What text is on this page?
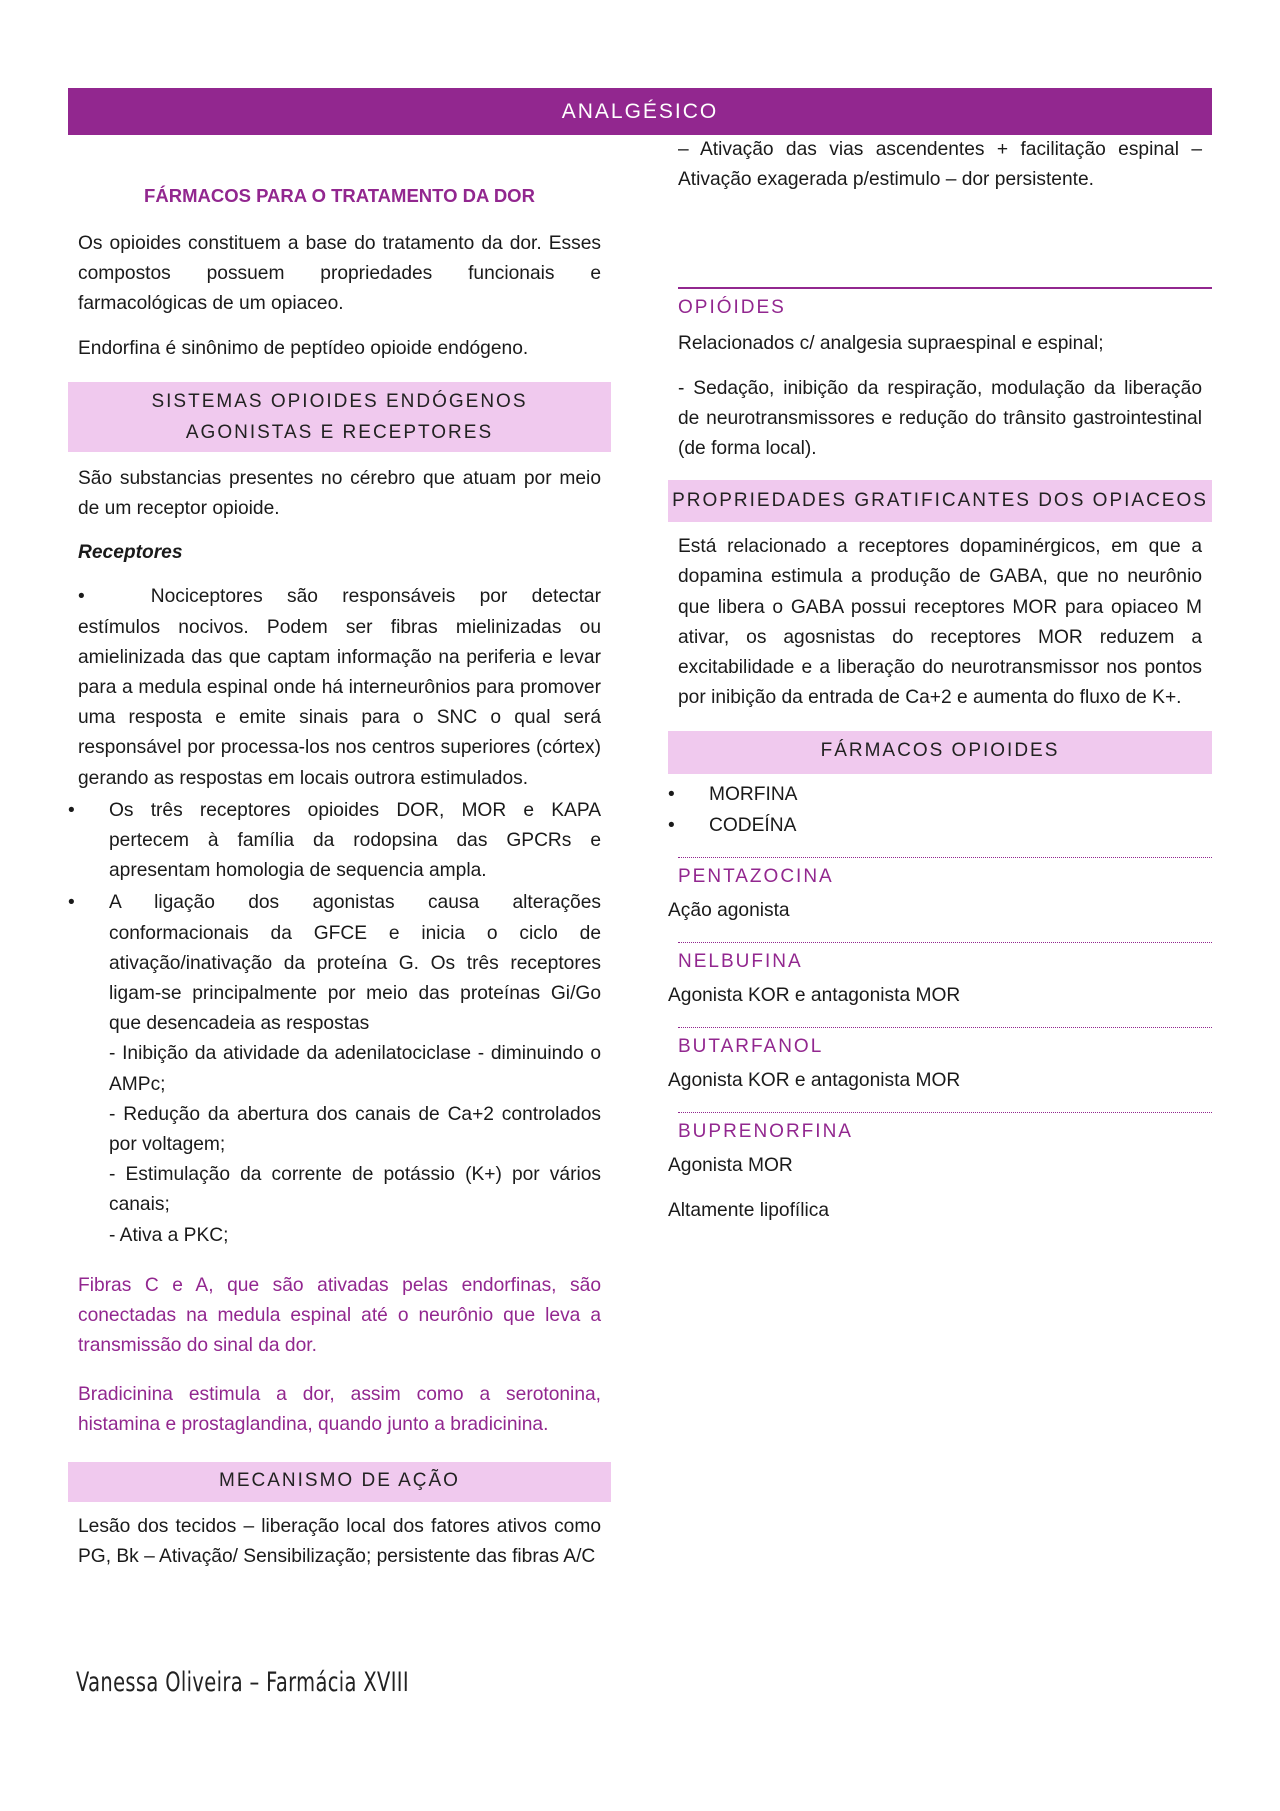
ANALGÉSICO
FÁRMACOS PARA O TRATAMENTO DA DOR

Os opioides constituem a base do tratamento da dor. Esses compostos possuem propriedades funcionais e farmacológicas de um opiaceo.

Endorfina é sinônimo de peptídeo opioide endógeno.

SISTEMAS OPIOIDES ENDÓGENOS AGONISTAS E RECEPTORES

São substancias presentes no cérebro que atuam por meio de um receptor opioide.

Receptores

•	Nociceptores são responsáveis por detectar estímulos nocivos. Podem ser fibras mielinizadas ou amielinizada das que captam informação na periferia e levar para a medula espinal onde há interneurônios para promover uma resposta e emite sinais para o SNC o qual será responsável por processa-los nos centros superiores (córtex) gerando as respostas em locais outrora estimulados.

•	Os três receptores opioides DOR, MOR e KAPA pertecem à família da rodopsina das GPCRs e apresentam homologia de sequencia ampla.
•	A ligação dos agonistas causa alterações conformacionais da GFCE e inicia o ciclo de ativação/inativação da proteína G. Os três receptores ligam-se principalmente por meio das proteínas Gi/Go que desencadeia as respostas
- Inibição da atividade da adenilatociclase - diminuindo o AMPc;
- Redução da abertura dos canais de Ca+2 controlados por voltagem;
- Estimulação da corrente de potássio (K+) por vários canais;
- Ativa a PKC;

Fibras C e A, que são ativadas pelas endorfinas, são conectadas na medula espinal até o neurônio que leva a transmissão do sinal da dor.

Bradicinina estimula a dor, assim como a serotonina, histamina e prostaglandina, quando junto a bradicinina.

MECANISMO DE AÇÃO

Lesão dos tecidos – liberação local dos fatores ativos como PG, Bk – Ativação/ Sensibilização; persistente das fibras A/C

– Ativação das vias ascendentes + facilitação espinal – Ativação exagerada p/estimulo – dor persistente.

OPIÓIDES

Relacionados c/ analgesia supraespinal e espinal;

- Sedação, inibição da respiração, modulação da liberação de neurotransmissores e redução do trânsito gastrointestinal (de forma local).

PROPRIEDADES GRATIFICANTES DOS OPIACEOS

Está relacionado a receptores dopaminérgicos, em que a dopamina estimula a produção de GABA, que no neurônio que libera o GABA possui receptores MOR para opiaceo M ativar, os agosnistas do receptores MOR reduzem a excitabilidade e a liberação do neurotransmissor nos pontos por inibição da entrada de Ca+2 e aumenta do fluxo de K+.

FÁRMACOS OPIOIDES
•	MORFINA
•	CODEÍNA
PENTAZOCINA

Ação agonista

NELBUFINA

Agonista KOR e antagonista MOR

BUTARFANOL

Agonista KOR e antagonista MOR

BUPRENORFINA

Agonista MOR

Altamente lipofílica

Vanessa Oliveira – Farmácia XVIII
